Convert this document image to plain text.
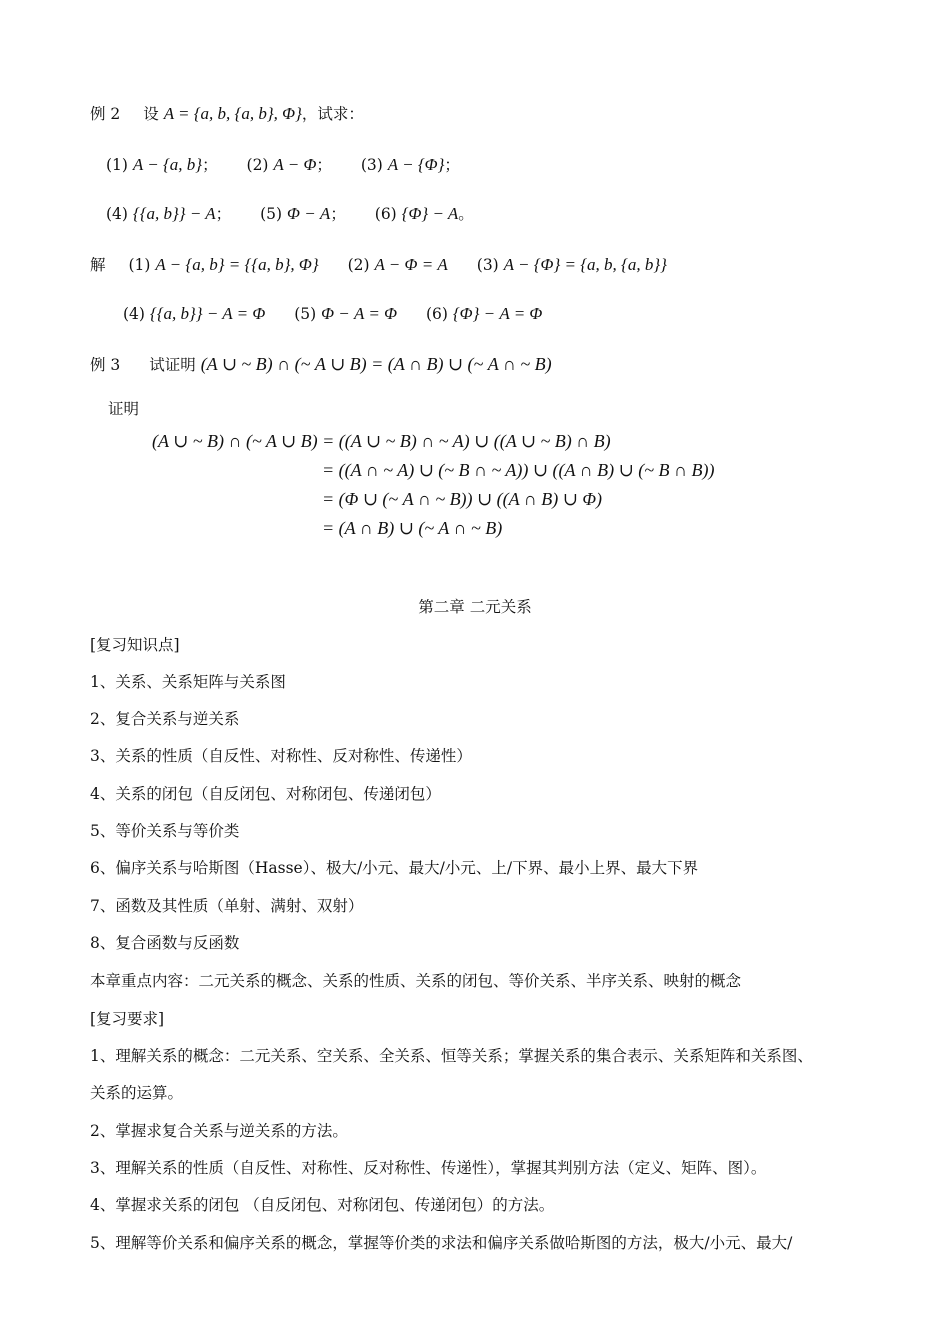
例 2 设 A = {a, b, {a, b}, Φ}，试求：
(1) A − {a, b}； (2) A − Φ； (3) A − {Φ}；
(4) {{a, b}} − A； (5) Φ − A； (6) {Φ} − A。
解 (1) A − {a, b} = {{a, b}, Φ} (2) A − Φ = A (3) A − {Φ} = {a, b, {a, b}}
(4) {{a, b}} − A = Φ (5) Φ − A = Φ (6) {Φ} − A = Φ
例 3 试证明 (A ∪ ~ B) ∩ (~ A ∪ B) = (A ∩ B) ∪ (~ A ∩ ~ B)
证明
(A ∪ ~ B) ∩ (~ A ∪ B) = ((A ∪ ~ B) ∩ ~ A) ∪ ((A ∪ ~ B) ∩ B)
= ((A ∩ ~ A) ∪ (~ B ∩ ~ A)) ∪ ((A ∩ B) ∪ (~ B ∩ B))
= (Φ ∪ (~ A ∩ ~ B)) ∪ ((A ∩ B) ∪ Φ)
= (A ∩ B) ∪ (~ A ∩ ~ B)
第二章 二元关系
[复习知识点]
1、关系、关系矩阵与关系图
2、复合关系与逆关系
3、关系的性质（自反性、对称性、反对称性、传递性）
4、关系的闭包（自反闭包、对称闭包、传递闭包）
5、等价关系与等价类
6、偏序关系与哈斯图（Hasse）、极大/小元、最大/小元、上/下界、最小上界、最大下界
7、函数及其性质（单射、满射、双射）
8、复合函数与反函数
本章重点内容：二元关系的概念、关系的性质、关系的闭包、等价关系、半序关系、映射的概念
[复习要求]
1、理解关系的概念：二元关系、空关系、全关系、恒等关系；掌握关系的集合表示、关系矩阵和关系图、
关系的运算。
2、掌握求复合关系与逆关系的方法。
3、理解关系的性质（自反性、对称性、反对称性、传递性），掌握其判别方法（定义、矩阵、图）。
4、掌握求关系的闭包 （自反闭包、对称闭包、传递闭包）的方法。
5、理解等价关系和偏序关系的概念，掌握等价类的求法和偏序关系做哈斯图的方法，极大/小元、最大/
